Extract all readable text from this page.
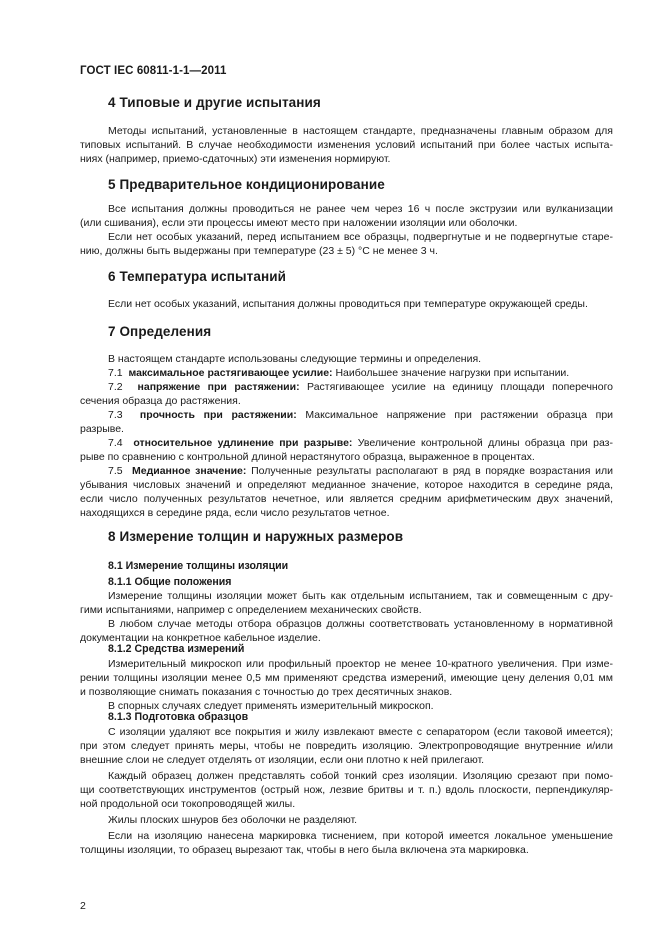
ГОСТ IEC 60811-1-1—2011
4 Типовые и другие испытания
Методы испытаний, установленные в настоящем стандарте, предназначены главным образом для
типовых испытаний. В случае необходимости изменения условий испытаний при более частых испыта-
ниях (например, приемо-сдаточных) эти изменения нормируют.
5 Предварительное кондиционирование
Все испытания должны проводиться не ранее чем через 16 ч после экструзии или вулканизации
(или сшивания), если эти процессы имеют место при наложении изоляции или оболочки.
Если нет особых указаний, перед испытанием все образцы, подвергнутые и не подвергнутые старе-
нию, должны быть выдержаны при температуре (23 ± 5) °С не менее 3 ч.
6 Температура испытаний
Если нет особых указаний, испытания должны проводиться при температуре окружающей среды.
7 Определения
В настоящем стандарте использованы следующие термины и определения.
7.1 максимальное растягивающее усилие: Наибольшее значение нагрузки при испытании.
7.2 напряжение при растяжении: Растягивающее усилие на единицу площади поперечного
сечения образца до растяжения.
7.3 прочность при растяжении: Максимальное напряжение при растяжении образца при
разрыве.
7.4 относительное удлинение при разрыве: Увеличение контрольной длины образца при раз-
рыве по сравнению с контрольной длиной нерастянутого образца, выраженное в процентах.
7.5 Медианное значение: Полученные результаты располагают в ряд в порядке возрастания или
убывания числовых значений и определяют медианное значение, которое находится в середине ряда,
если число полученных результатов нечетное, или является средним арифметическим двух значений,
находящихся в середине ряда, если число результатов четное.
8 Измерение толщин и наружных размеров
8.1 Измерение толщины изоляции
8.1.1 Общие положения
Измерение толщины изоляции может быть как отдельным испытанием, так и совмещенным с дру-
гими испытаниями, например с определением механических свойств.
В любом случае методы отбора образцов должны соответствовать установленному в нормативной
документации на конкретное кабельное изделие.
8.1.2 Средства измерений
Измерительный микроскоп или профильный проектор не менее 10-кратного увеличения. При изме-
рении толщины изоляции менее 0,5 мм применяют средства измерений, имеющие цену деления 0,01 мм
и позволяющие снимать показания с точностью до трех десятичных знаков.
В спорных случаях следует применять измерительный микроскоп.
8.1.3 Подготовка образцов
С изоляции удаляют все покрытия и жилу извлекают вместе с сепаратором (если таковой имеется);
при этом следует принять меры, чтобы не повредить изоляцию. Электропроводящие внутренние и/или
внешние слои не следует отделять от изоляции, если они плотно к ней прилегают.
Каждый образец должен представлять собой тонкий срез изоляции. Изоляцию срезают при помо-
щи соответствующих инструментов (острый нож, лезвие бритвы и т. п.) вдоль плоскости, перпендикуляр-
ной продольной оси токопроводящей жилы.
Жилы плоских шнуров без оболочки не разделяют.
Если на изоляцию нанесена маркировка тиснением, при которой имеется локальное уменьшение
толщины изоляции, то образец вырезают так, чтобы в него была включена эта маркировка.
2
